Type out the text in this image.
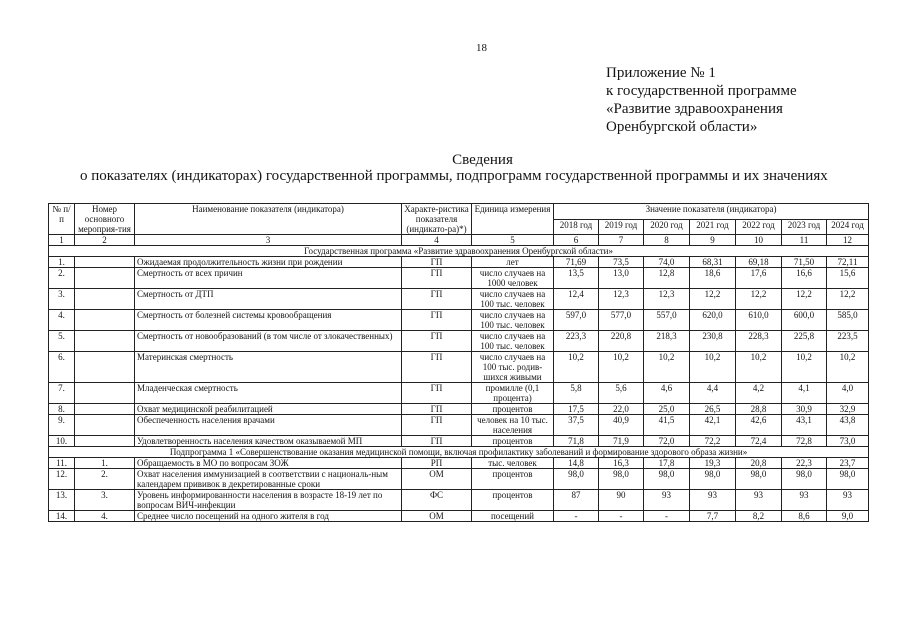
18
Приложение № 1
к государственной программе
«Развитие здравоохранения
Оренбургской области»
Сведения
о показателях (индикаторах) государственной программы, подпрограмм государственной программы и их значениях
№ п/п	Номер основного мероприя-тия	Наименование показателя (индикатора)	Характе-ристика показателя (индикато-ра)*)	Единица измерения	Значение показателя (индикатора)						
					2018 год	2019 год	2020 год	2021 год	2022 год	2023 год	2024 год
1	2	3	4	5	6	7	8	9	10	11	12
Государственная программа «Развитие здравоохранения Оренбургской области»											
1.		Ожидаемая продолжительность жизни при рождении	ГП	лет	71,69	73,5	74,0	68,31	69,18	71,50	72,11
2.		Смертность от всех причин	ГП	число случаев на 1000 человек	13,5	13,0	12,8	18,6	17,6	16,6	15,6
3.		Смертность от ДТП	ГП	число случаев на 100 тыс. человек	12,4	12,3	12,3	12,2	12,2	12,2	12,2
4.		Смертность от болезней системы кровообращения	ГП	число случаев на 100 тыс. человек	597,0	577,0	557,0	620,0	610,0	600,0	585,0
5.		Смертность от новообразований (в том числе от злокачественных)	ГП	число случаев на 100 тыс. человек	223,3	220,8	218,3	230,8	228,3	225,8	223,5
6.		Материнская смертность	ГП	число случаев на 100 тыс. родив-шихся живыми	10,2	10,2	10,2	10,2	10,2	10,2	10,2
7.		Младенческая смертность	ГП	промилле (0,1 процента)	5,8	5,6	4,6	4,4	4,2	4,1	4,0
8.		Охват медицинской реабилитацией	ГП	процентов	17,5	22,0	25,0	26,5	28,8	30,9	32,9
9.		Обеспеченность населения врачами	ГП	человек на 10 тыс. населения	37,5	40,9	41,5	42,1	42,6	43,1	43,8
10.		Удовлетворенность населения качеством оказываемой МП	ГП	процентов	71,8	71,9	72,0	72,2	72,4	72,8	73,0
Подпрограмма 1 «Совершенствование оказания медицинской помощи, включая профилактику заболеваний и формирование здорового образа жизни»											
11.	1.	Обращаемость в МО по вопросам ЗОЖ	РП	тыс. человек	14,8	16,3	17,8	19,3	20,8	22,3	23,7
12.	2.	Охват населения иммунизацией в соответствии с националь-ным календарем прививок в декретированные сроки	ОМ	процентов	98,0	98,0	98,0	98,0	98,0	98,0	98,0
13.	3.	Уровень информированности населения в возрасте 18-19 лет по вопросам ВИЧ-инфекции	ФС	процентов	87	90	93	93	93	93	93
14.	4.	Среднее число посещений на одного жителя в год	ОМ	посещений	-	-	-	7,7	8,2	8,6	9,0
